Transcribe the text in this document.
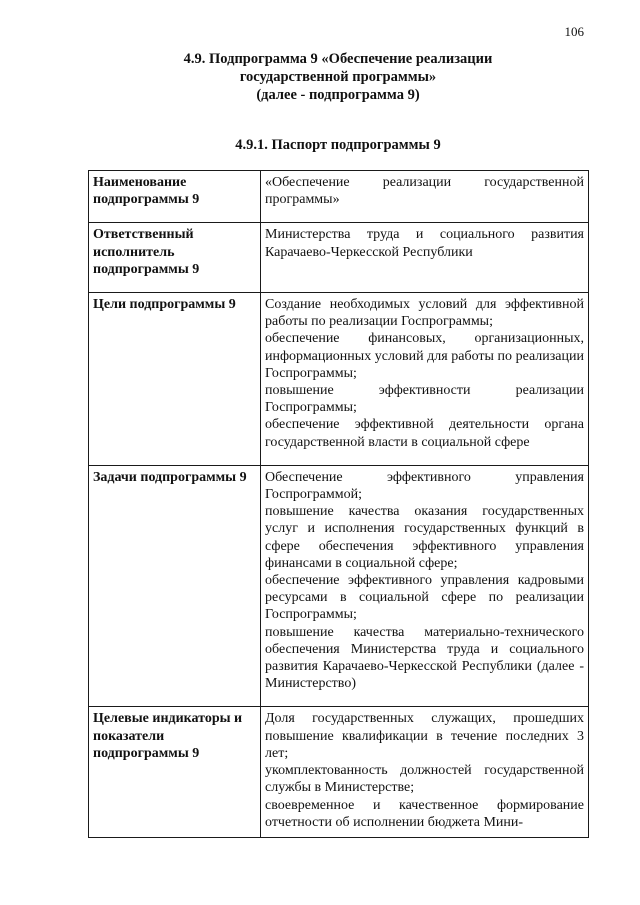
106
4.9. Подпрограмма 9 «Обеспечение реализации
государственной программы»
(далее - подпрограмма 9)
4.9.1. Паспорт подпрограммы 9
Наименование подпрограммы 9	«Обеспечение реализации государственной программы»

Ответственный исполнитель подпрограммы 9	Министерства труда и социального развития Карачаево-Черкесской Республики

Цели подпрограммы 9	Создание необходимых условий для эффективной работы по реализации Госпрограммы;
обеспечение финансовых, организационных, информационных условий для работы по реализации Госпрограммы;
повышение эффективности реализации Госпрограммы;
обеспечение эффективной деятельности органа государственной власти в социальной сфере

Задачи подпрограммы 9	Обеспечение эффективного управления Госпрограммой;
повышение качества оказания государственных услуг и исполнения государственных функций в сфере обеспечения эффективного управления финансами в социальной сфере;
обеспечение эффективного управления кадровыми ресурсами в социальной сфере по реализации Госпрограммы;
повышение качества материально-технического обеспечения Министерства труда и социального развития Карачаево-Черкесской Республики (далее - Министерство)

Целевые индикаторы и показатели подпрограммы 9	Доля государственных служащих, прошедших повышение квалификации в течение последних 3 лет;
укомплектованность должностей государственной службы в Министерстве;
своевременное и качественное формирование отчетности об исполнении бюджета Мини-
